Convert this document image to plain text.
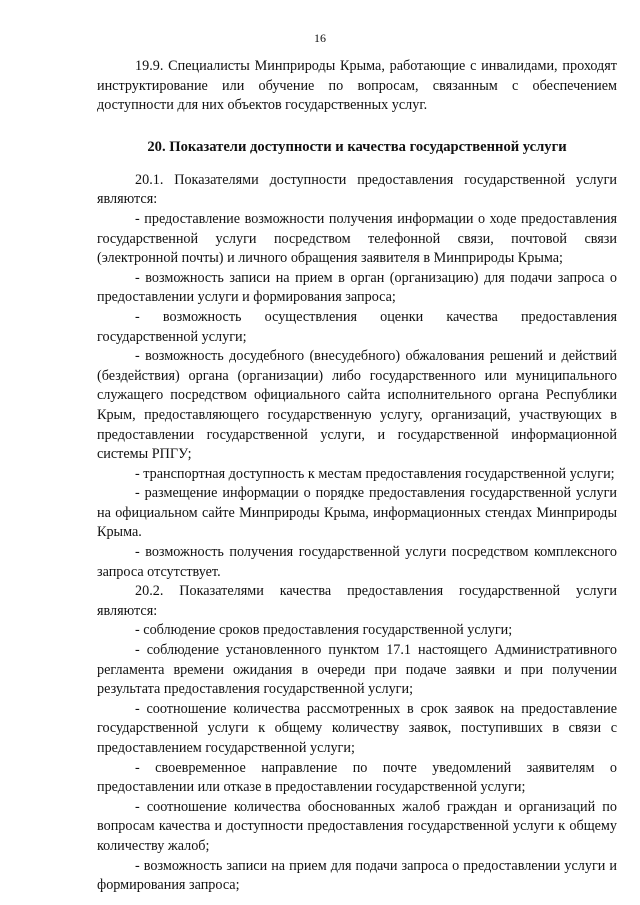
16

19.9. Специалисты Минприроды Крыма, работающие с инвалидами, проходят инструктирование или обучение по вопросам, связанным с обеспечением доступности для них объектов государственных услуг.

20. Показатели доступности и качества государственной услуги

20.1. Показателями доступности предоставления государственной услуги являются:

- предоставление возможности получения информации о ходе предоставления государственной услуги посредством телефонной связи, почтовой связи (электронной почты) и личного обращения заявителя в Минприроды Крыма;

- возможность записи на прием в орган (организацию) для подачи запроса о предоставлении услуги и формирования запроса;

- возможность осуществления оценки качества предоставления государственной услуги;

- возможность досудебного (внесудебного) обжалования решений и действий (бездействия) органа (организации) либо государственного или муниципального служащего посредством официального сайта исполнительного органа Республики Крым, предоставляющего государственную услугу, организаций, участвующих в предоставлении государственной услуги, и государственной информационной системы РПГУ;

- транспортная доступность к местам предоставления государственной услуги;

- размещение информации о порядке предоставления государственной услуги на официальном сайте Минприроды Крыма, информационных стендах Минприроды Крыма.

- возможность получения государственной услуги посредством комплексного запроса отсутствует.

20.2. Показателями качества предоставления государственной услуги являются:

- соблюдение сроков предоставления государственной услуги;

- соблюдение установленного пунктом 17.1 настоящего Административного регламента времени ожидания в очереди при подаче заявки и при получении результата предоставления государственной услуги;

- соотношение количества рассмотренных в срок заявок на предоставление государственной услуги к общему количеству заявок, поступивших в связи с предоставлением государственной услуги;

- своевременное направление по почте уведомлений заявителям о предоставлении или отказе в предоставлении государственной услуги;

- соотношение количества обоснованных жалоб граждан и организаций по вопросам качества и доступности предоставления государственной услуги к общему количеству жалоб;

- возможность записи на прием для подачи запроса о предоставлении услуги и формирования запроса;
